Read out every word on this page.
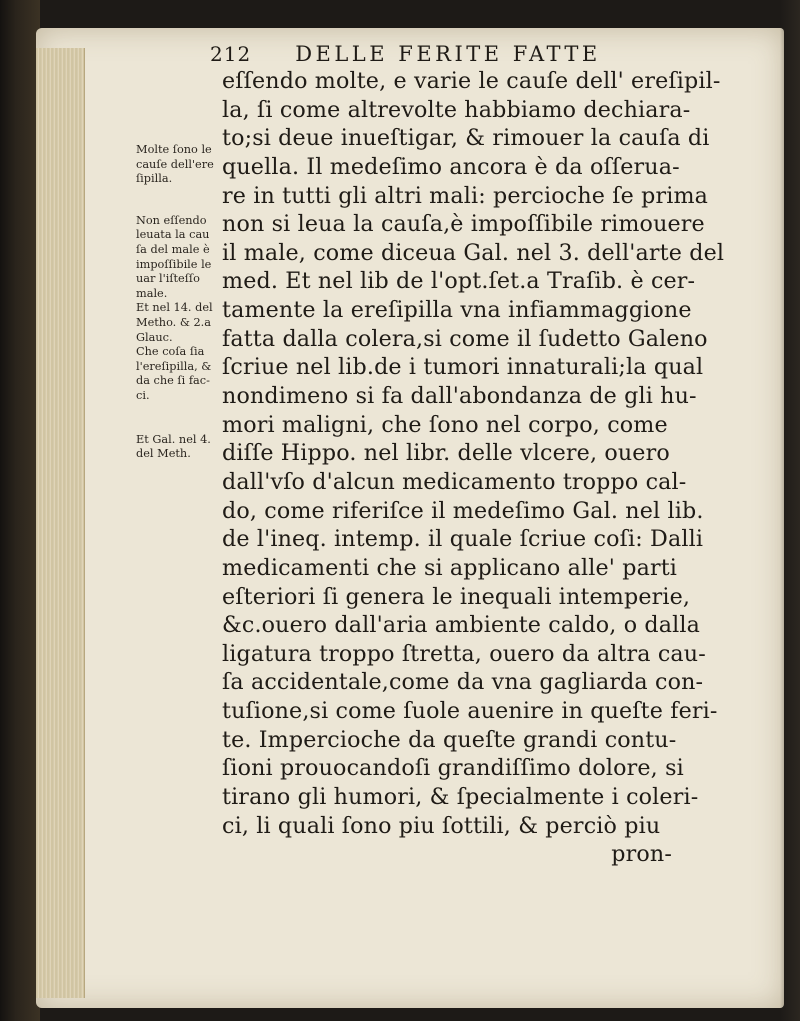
212 DELLE FERITE FATTE
Molte ſono le
cauſe dell'ere
ſipilla.
Non eſſendo
leuata la cau
ſa del male è
impoſſibile le
uar l'iſteſſo
male.
Et nel 14. del
Metho. & 2.a
Glauc.
Che coſa ſia
l'ereſipilla, &
da che ſi fac-
ci.
Et Gal. nel 4.
del Meth.
eſſendo molte, e varie le cauſe dell' ereſipil-
la, ſi come altrevolte habbiamo dechiara-
to;si deue inueſtigar, & rimouer la cauſa di
quella. Il medeſimo ancora è da oſſerua-
re in tutti gli altri mali: percioche ſe prima
non si leua la cauſa,è impoſſibile rimouere
il male, come diceua Gal. nel 3. dell'arte del
med. Et nel lib de l'opt.ſet.a Traſib. è cer-
tamente la ereſipilla vna infiammaggione
fatta dalla colera,si come il ſudetto Galeno
ſcriue nel lib.de i tumori innaturali;la qual
nondimeno si fa dall'abondanza de gli hu-
mori maligni, che ſono nel corpo, come
diſſe Hippo. nel libr. delle vlcere, ouero
dall'vſo d'alcun medicamento troppo cal-
do, come riferiſce il medeſimo Gal. nel lib.
de l'ineq. intemp. il quale ſcriue coſi: Dalli
medicamenti che si applicano alle' parti
eſteriori ſi genera le inequali intemperie,
&c.ouero dall'aria ambiente caldo, o dalla
ligatura troppo ſtretta, ouero da altra cau-
ſa accidentale,come da vna gagliarda con-
tuſione,si come ſuole auenire in queſte feri-
te. Impercioche da queſte grandi contu-
ſioni prouocandoſi grandiſſimo dolore, si
tirano gli humori, & ſpecialmente i coleri-
ci, li quali ſono piu ſottili, & perciò piu
pron-
